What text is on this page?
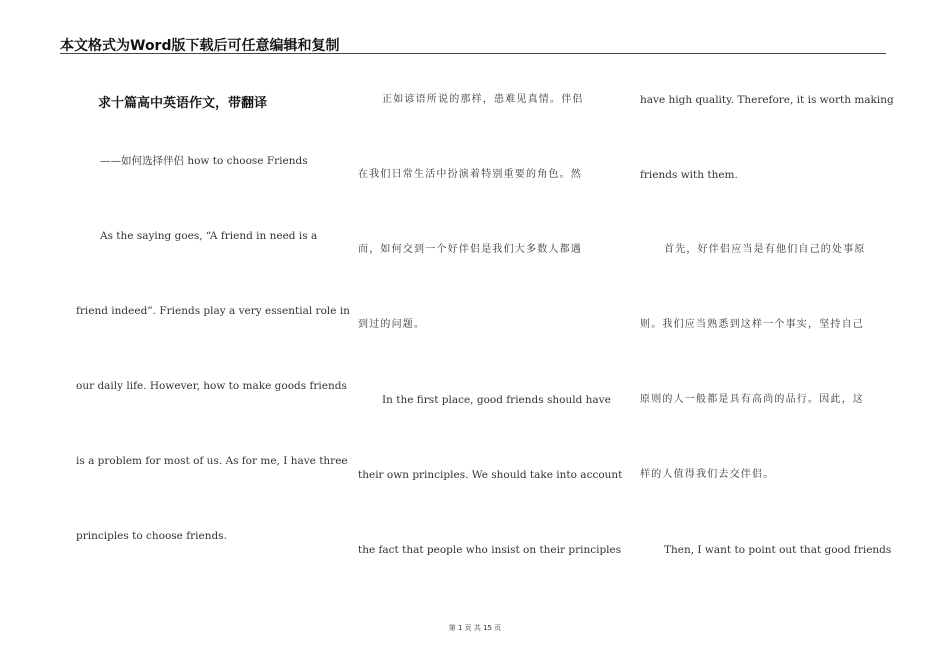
本文格式为Word版下载后可任意编辑和复制
求十篇高中英语作文，带翻译
——如何选择伴侣 how to choose Friends
As the saying goes, “A friend in need is a
friend indeed”. Friends play a very essential role in
our daily life. However, how to make goods friends
is a problem for most of us. As for me, I have three
principles to choose friends.
正如谚语所说的那样，患难见真情。伴侣
在我们日常生活中扮演着特别重要的角色。然
而，如何交到一个好伴侣是我们大多数人都遇
到过的问题。
In the first place, good friends should have
their own principles. We should take into account
the fact that people who insist on their principles
have high quality. Therefore, it is worth making
friends with them.
首先，好伴侣应当是有他们自己的处事原
则。我们应当熟悉到这样一个事实，坚持自己
原则的人一般都是具有高尚的品行。因此，这
样的人值得我们去交伴侣。
Then, I want to point out that good friends
第 1 页 共 15 页
